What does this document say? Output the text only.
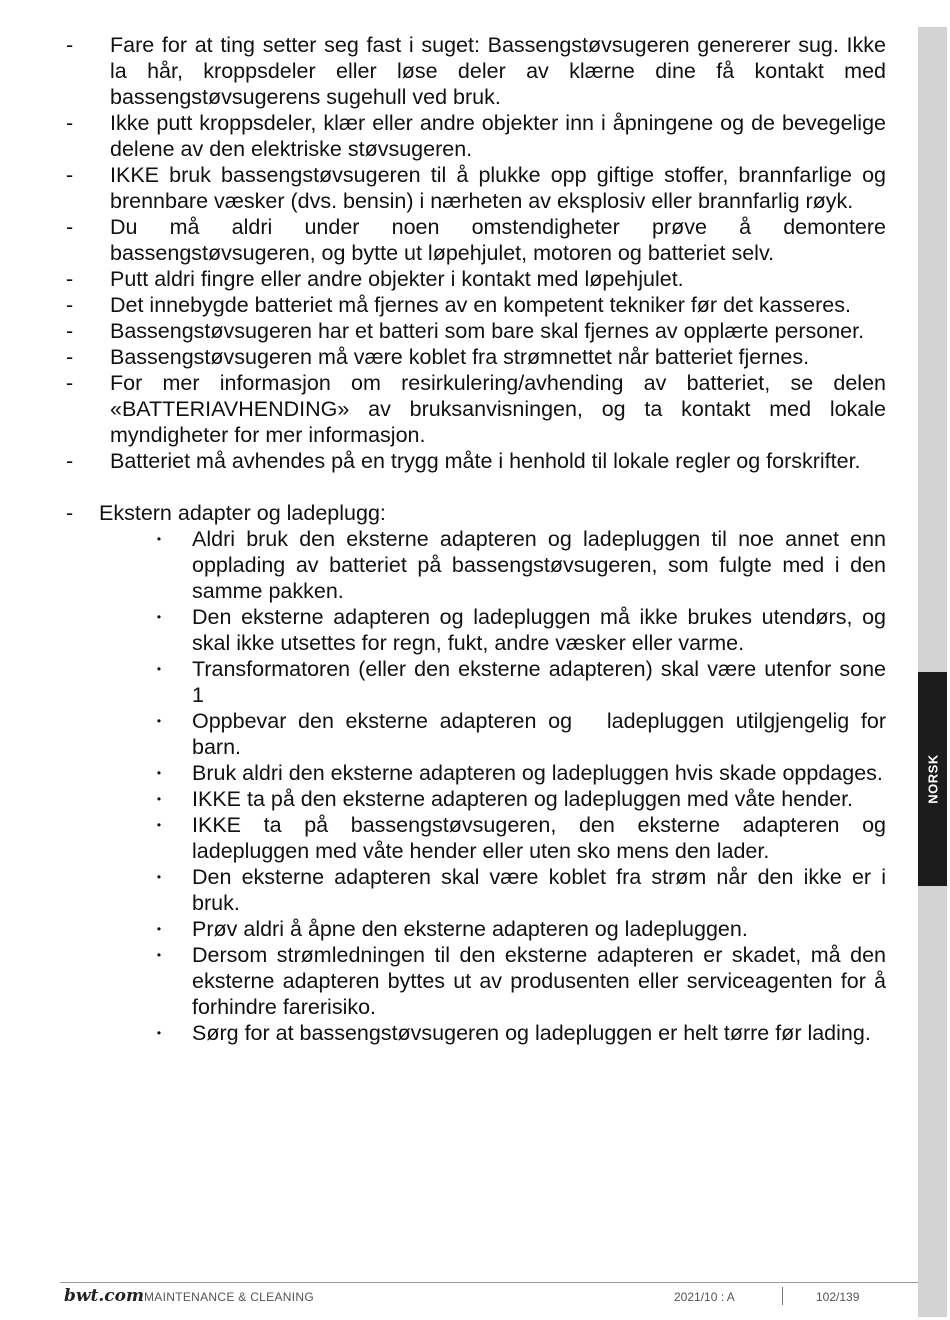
NORSK
-	Fare for at ting setter seg fast i suget: Bassengstøvsugeren genererer sug. Ikke la hår, kroppsdeler eller løse deler av klærne dine få kontakt med bassengstøvsugerens sugehull ved bruk.
-	Ikke putt kroppsdeler, klær eller andre objekter inn i åpningene og de bevegelige delene av den elektriske støvsugeren.
-	IKKE bruk bassengstøvsugeren til å plukke opp giftige stoffer, brannfarlige og brennbare væsker (dvs. bensin) i nærheten av eksplosiv eller brannfarlig røyk.
-	Du må aldri under noen omstendigheter prøve å demontere bassengstøvsugeren, og bytte ut løpehjulet, motoren og batteriet selv.
-	Putt aldri fingre eller andre objekter i kontakt med løpehjulet.
-	Det innebygde batteriet må fjernes av en kompetent tekniker før det kasseres.
-	Bassengstøvsugeren har et batteri som bare skal fjernes av opplærte personer.
-	Bassengstøvsugeren må være koblet fra strømnettet når batteriet fjernes.
-	For mer informasjon om resirkulering/avhending av batteriet, se delen «BATTERIAVHENDING» av bruksanvisningen, og ta kontakt med lokale myndigheter for mer informasjon.
-	Batteriet må avhendes på en trygg måte i henhold til lokale regler og forskrifter.
-	Ekstern adapter og ladeplugg:
• Aldri bruk den eksterne adapteren og ladepluggen til noe annet enn opplading av batteriet på bassengstøvsugeren, som fulgte med i den samme pakken.
• Den eksterne adapteren og ladepluggen må ikke brukes utendørs, og skal ikke utsettes for regn, fukt, andre væsker eller varme.
• Transformatoren (eller den eksterne adapteren) skal være utenfor sone 1
• Oppbevar den eksterne adapteren og   ladepluggen utilgjengelig for barn.
• Bruk aldri den eksterne adapteren og ladepluggen hvis skade oppdages.
• IKKE ta på den eksterne adapteren og ladepluggen med våte hender.
• IKKE ta på bassengstøvsugeren, den eksterne adapteren og ladepluggen med våte hender eller uten sko mens den lader.
• Den eksterne adapteren skal være koblet fra strøm når den ikke er i bruk.
• Prøv aldri å åpne den eksterne adapteren og ladepluggen.
• Dersom strømledningen til den eksterne adapteren er skadet, må den eksterne adapteren byttes ut av produsenten eller serviceagenten for å forhindre farerisiko.
• Sørg for at bassengstøvsugeren og ladepluggen er helt tørre før lading.
bwt.com MAINTENANCE & CLEANING	2021/10 : A	102/139
